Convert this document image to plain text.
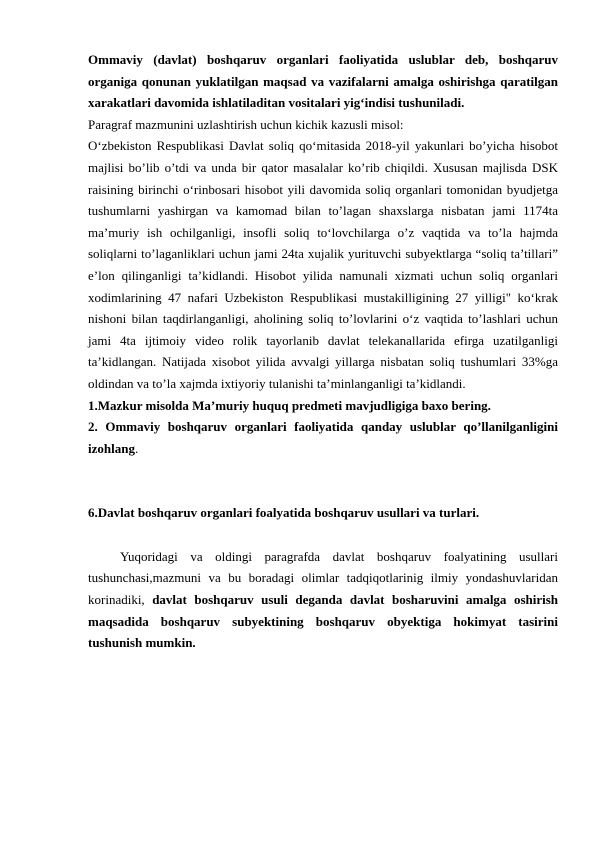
Ommaviy (davlat) boshqaruv organlari faoliyatida uslublar deb, boshqaruv organiga qonunan yuklatilgan maqsad va vazifalarni amalga oshirishga qaratilgan xarakatlari davomida ishlatiladitan vositalari yig‘indisi tushuniladi.

Paragraf mazmunini uzlashtirish uchun kichik kazusli misol:

O‘zbekiston Respublikasi Davlat soliq qo‘mitasida 2018-yil yakunlari bo’yicha hisobot majlisi bo’lib o’tdi va unda bir qator masalalar ko’rib chiqildi. Xususan majlisda DSK raisining birinchi o‘rinbosari hisobot yili davomida soliq organlari tomonidan byudjetga tushumlarni yashirgan va kamomad bilan to’lagan shaxslarga nisbatan jami 1174ta ma’muriy ish ochilganligi, insofli soliq to‘lovchilarga o’z vaqtida va to’la hajmda soliqlarni to’laganliklari uchun jami 24ta xujalik yurituvchi subyektlarga “soliq ta’tillari” e’lon qilinganligi ta’kidlandi. Hisobot yilida namunali xizmati uchun soliq organlari xodimlarining 47 nafari Uzbekiston Respublikasi mustakilligining 27 yilligi" ko‘krak nishoni bilan taqdirlanganligi, aholining soliq to’lovlarini o‘z vaqtida to’lashlari uchun jami 4ta ijtimoiy video rolik tayorlanib davlat telekanallarida efirga uzatilganligi ta’kidlangan. Natijada xisobot yilida avvalgi yillarga nisbatan soliq tushumlari 33%ga oldindan va to’la xajmda ixtiyoriy tulanishi ta’minlanganligi ta’kidlandi.

1.Mazkur misolda Ma’muriy huquq predmeti mavjudligiga baxo bering.

2. Ommaviy boshqaruv organlari faoliyatida qanday uslublar qo’llanilganligini izohlang.

6.Davlat boshqaruv organlari foalyatida boshqaruv usullari va turlari.

Yuqoridagi va oldingi paragrafda davlat boshqaruv foalyatining usullari tushunchasi,mazmuni va bu boradagi olimlar tadqiqotlarinig ilmiy yondashuvlaridan korinadiki, davlat boshqaruv usuli deganda davlat bosharuvini amalga oshirish maqsadida boshqaruv subyektining boshqaruv obyektiga hokimyat tasirini tushunish mumkin.
